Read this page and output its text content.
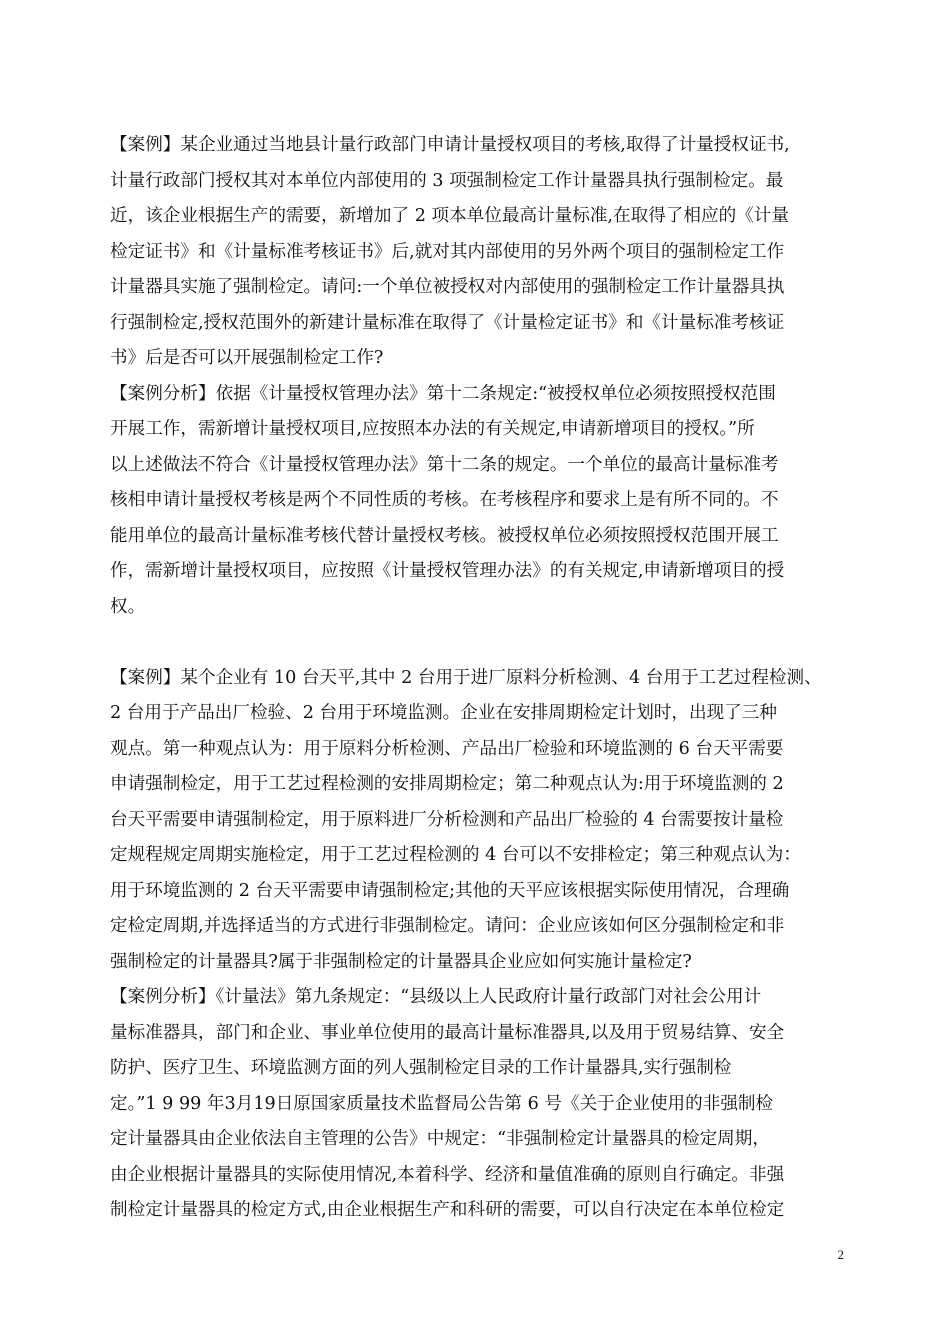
【案例】某企业通过当地县计量行政部门申请计量授权项目的考核,取得了计量授权证书,
计量行政部门授权其对本单位内部使用的 3 项强制检定工作计量器具执行强制检定。最
近，该企业根据生产的需要，新增加了 2 项本单位最高计量标准,在取得了相应的《计量
检定证书》和《计量标准考核证书》后,就对其内部使用的另外两个项目的强制检定工作
计量器具实施了强制检定。请问:一个单位被授权对内部使用的强制检定工作计量器具执
行强制检定,授权范围外的新建计量标准在取得了《计量检定证书》和《计量标准考核证
书》后是否可以开展强制检定工作?
【案例分析】依据《计量授权管理办法》第十二条规定:“被授权单位必须按照授权范围
开展工作，需新增计量授权项目,应按照本办法的有关规定,申请新增项目的授权。”所
以上述做法不符合《计量授权管理办法》第十二条的规定。一个单位的最高计量标准考
核相申请计量授权考核是两个不同性质的考核。在考核程序和要求上是有所不同的。不
能用单位的最高计量标准考核代替计量授权考核。被授权单位必须按照授权范围开展工
作，需新增计量授权项目，应按照《计量授权管理办法》的有关规定,申请新增项目的授
权。
【案例】某个企业有 10 台天平,其中 2 台用于进厂原料分析检测、4 台用于工艺过程检测、
2 台用于产品出厂检验、2 台用于环境监测。企业在安排周期检定计划时，出现了三种
观点。第一种观点认为：用于原料分析检测、产品出厂检验和环境监测的 6 台天平需要
申请强制检定，用于工艺过程检测的安排周期检定；第二种观点认为:用于环境监测的 2
台天平需要申请强制检定，用于原料进厂分析检测和产品出厂检验的 4 台需要按计量检
定规程规定周期实施检定，用于工艺过程检测的 4 台可以不安排检定；第三种观点认为：
用于环境监测的 2 台天平需要申请强制检定;其他的天平应该根据实际使用情况，合理确
定检定周期,并选择适当的方式进行非强制检定。请问：企业应该如何区分强制检定和非
强制检定的计量器具?属于非强制检定的计量器具企业应如何实施计量检定?
【案例分析】《计量法》第九条规定：“县级以上人民政府计量行政部门对社会公用计
量标准器具，部门和企业、事业单位使用的最高计量标准器具,以及用于贸易结算、安全
防护、医疗卫生、环境监测方面的列人强制检定目录的工作计量器具,实行强制检
定。”1 9 99 年3月19日原国家质量技术监督局公告第 6 号《关于企业使用的非强制检
定计量器具由企业依法自主管理的公告》中规定：“非强制检定计量器具的检定周期，
由企业根据计量器具的实际使用情况,本着科学、经济和量值准确的原则自行确定。非强
制检定计量器具的检定方式,由企业根据生产和科研的需要，可以自行决定在本单位检定
2
